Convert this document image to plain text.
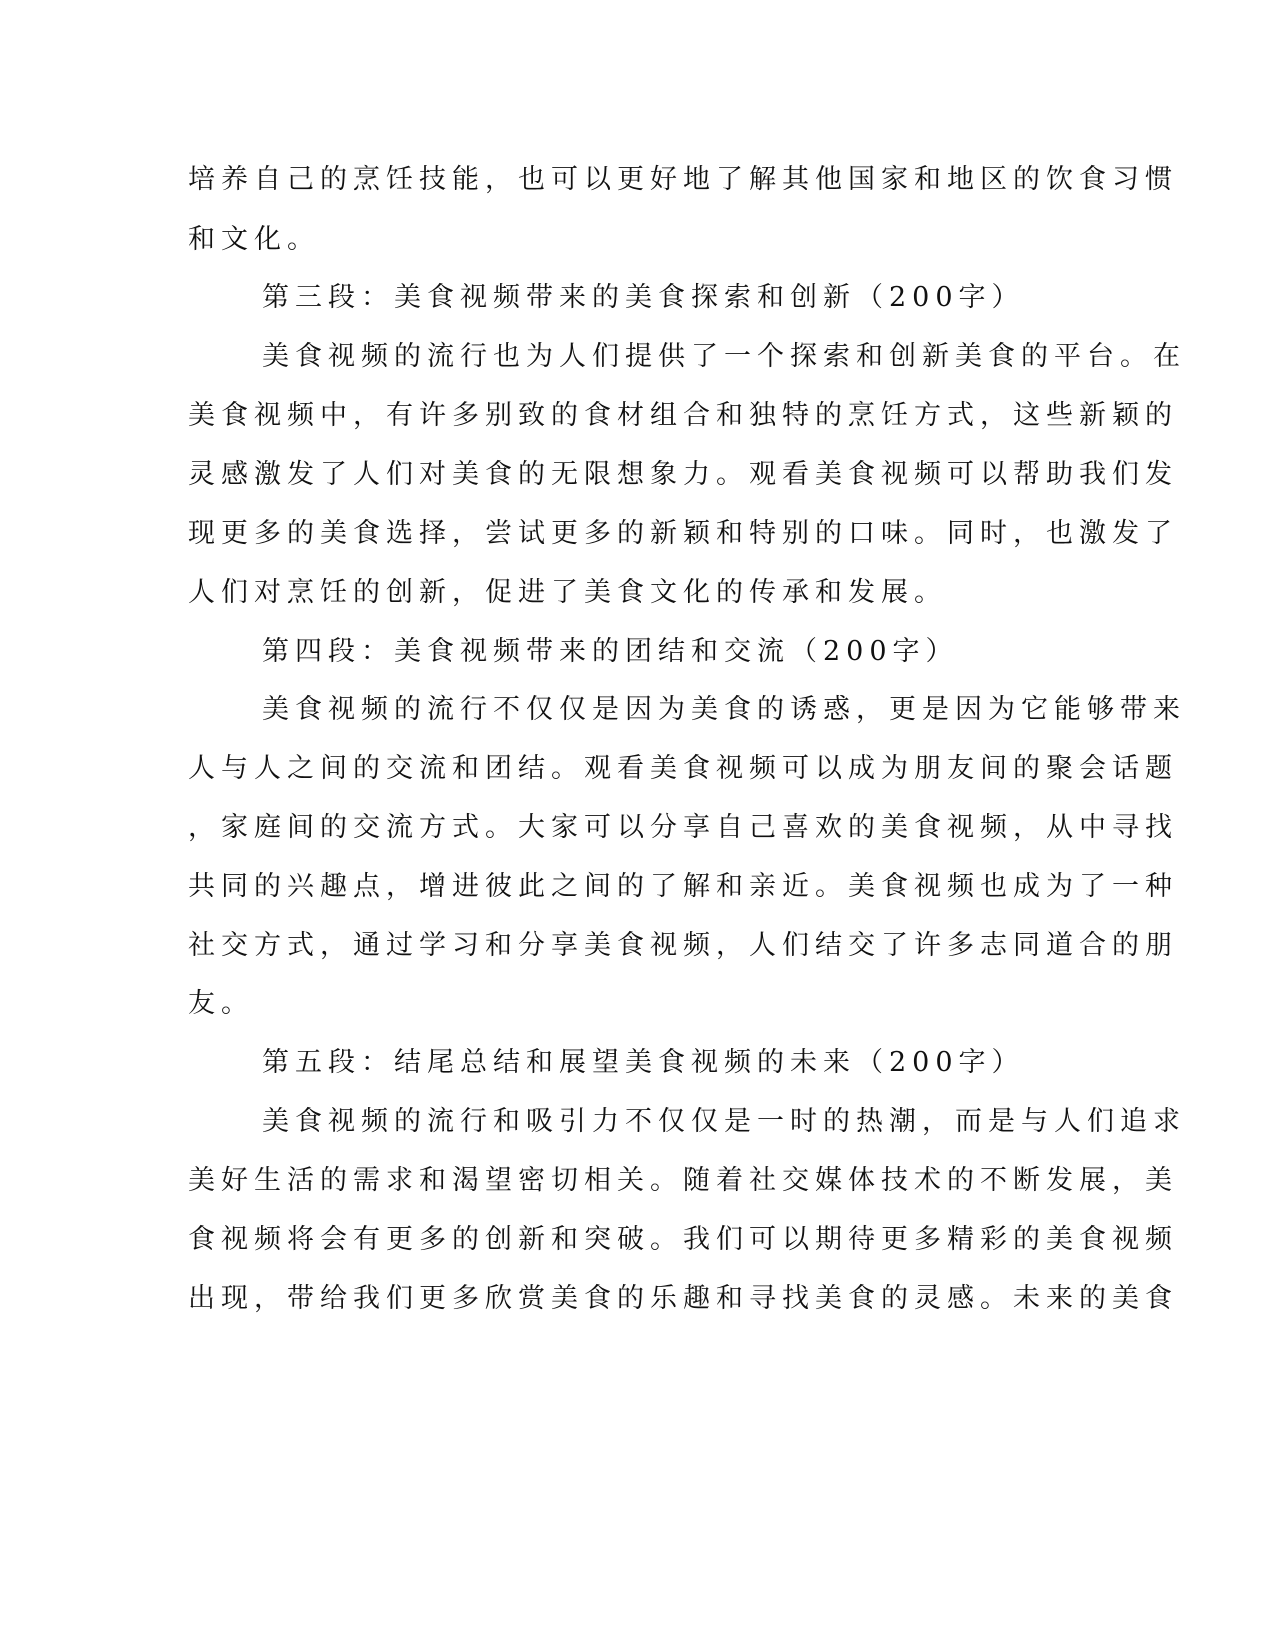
培养自己的烹饪技能，也可以更好地了解其他国家和地区的饮食习惯

和文化。

第三段：美食视频带来的美食探索和创新（200字）

美食视频的流行也为人们提供了一个探索和创新美食的平台。在

美食视频中，有许多别致的食材组合和独特的烹饪方式，这些新颖的

灵感激发了人们对美食的无限想象力。观看美食视频可以帮助我们发

现更多的美食选择，尝试更多的新颖和特别的口味。同时，也激发了

人们对烹饪的创新，促进了美食文化的传承和发展。

第四段：美食视频带来的团结和交流（200字）

美食视频的流行不仅仅是因为美食的诱惑，更是因为它能够带来

人与人之间的交流和团结。观看美食视频可以成为朋友间的聚会话题

，家庭间的交流方式。大家可以分享自己喜欢的美食视频，从中寻找

共同的兴趣点，增进彼此之间的了解和亲近。美食视频也成为了一种

社交方式，通过学习和分享美食视频，人们结交了许多志同道合的朋

友。

第五段：结尾总结和展望美食视频的未来（200字）

美食视频的流行和吸引力不仅仅是一时的热潮，而是与人们追求

美好生活的需求和渴望密切相关。随着社交媒体技术的不断发展，美

食视频将会有更多的创新和突破。我们可以期待更多精彩的美食视频

出现，带给我们更多欣赏美食的乐趣和寻找美食的灵感。未来的美食
